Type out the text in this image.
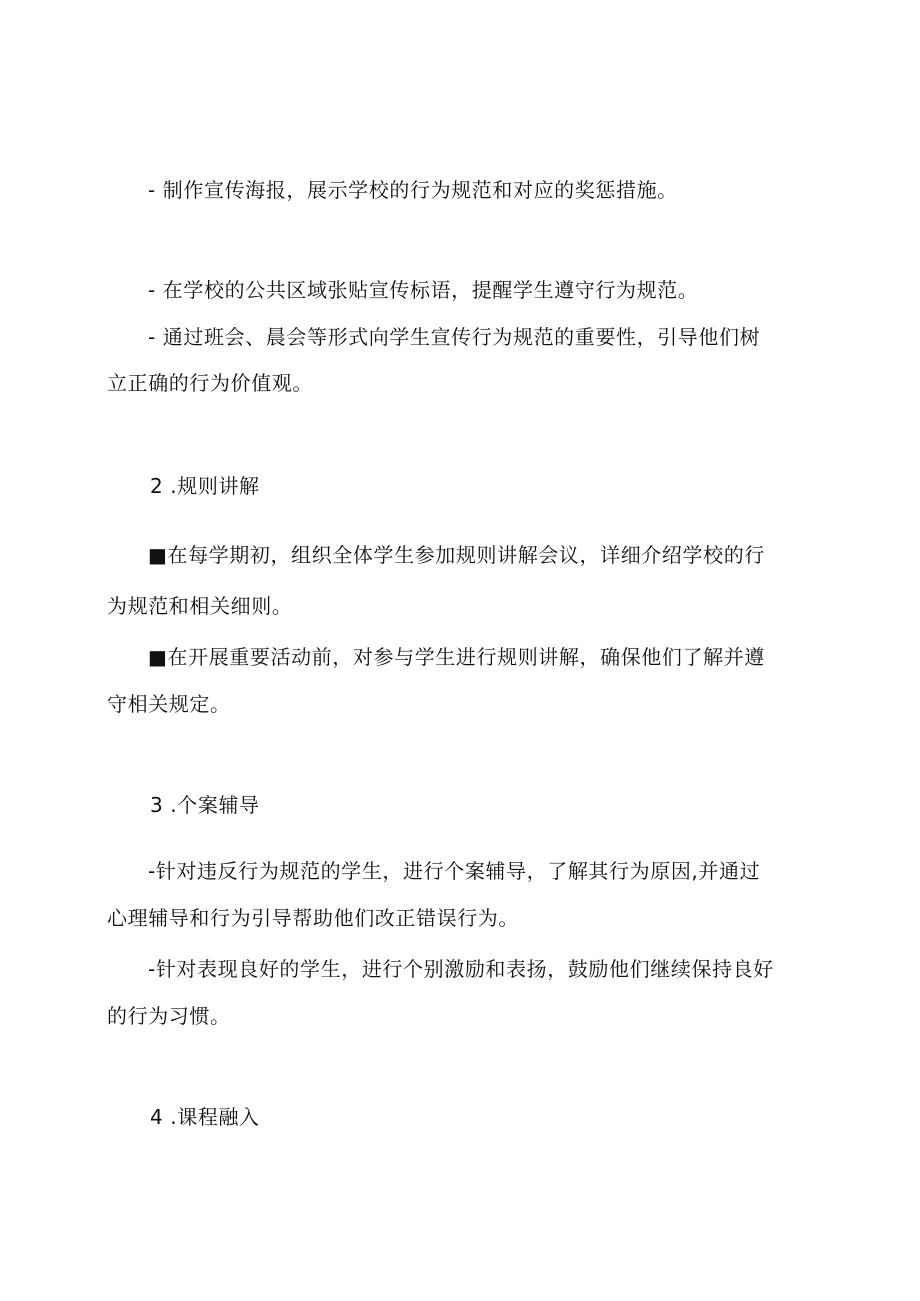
- 制作宣传海报，展示学校的行为规范和对应的奖惩措施。
- 在学校的公共区域张贴宣传标语，提醒学生遵守行为规范。
- 通过班会、晨会等形式向学生宣传行为规范的重要性，引导他们树
立正确的行为价值观。
2 .规则讲解
■在每学期初，组织全体学生参加规则讲解会议，详细介绍学校的行
为规范和相关细则。
■在开展重要活动前，对参与学生进行规则讲解，确保他们了解并遵
守相关规定。
3 .个案辅导
-针对违反行为规范的学生，进行个案辅导，了解其行为原因,并通过
心理辅导和行为引导帮助他们改正错误行为。
-针对表现良好的学生，进行个别激励和表扬，鼓励他们继续保持良好
的行为习惯。
4 .课程融入
